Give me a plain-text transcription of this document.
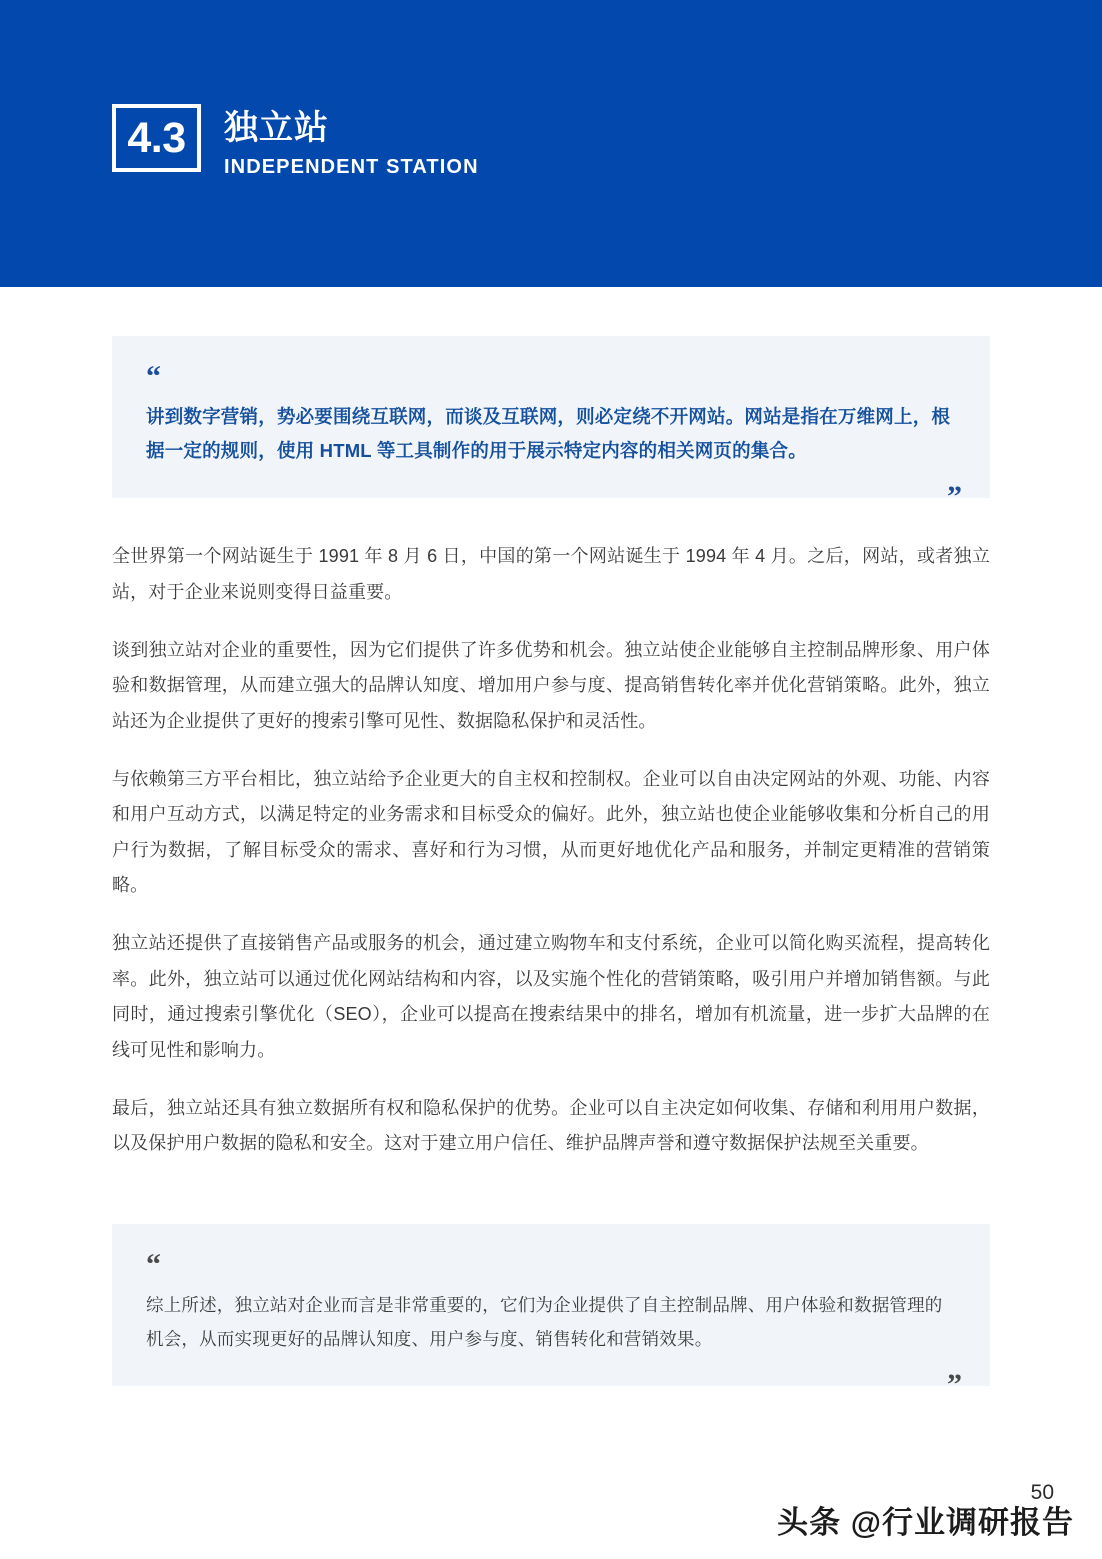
4.3 独立站
INDEPENDENT STATION
“
讲到数字营销，势必要围绕互联网，而谈及互联网，则必定绕不开网站。网站是指在万维网上，根据一定的规则，使用 HTML 等工具制作的用于展示特定内容的相关网页的集合。
”

全世界第一个网站诞生于 1991 年 8 月 6 日，中国的第一个网站诞生于 1994 年 4 月。之后，网站，或者独立站，对于企业来说则变得日益重要。

谈到独立站对企业的重要性，因为它们提供了许多优势和机会。独立站使企业能够自主控制品牌形象、用户体验和数据管理，从而建立强大的品牌认知度、增加用户参与度、提高销售转化率并优化营销策略。此外，独立站还为企业提供了更好的搜索引擎可见性、数据隐私保护和灵活性。

与依赖第三方平台相比，独立站给予企业更大的自主权和控制权。企业可以自由决定网站的外观、功能、内容和用户互动方式，以满足特定的业务需求和目标受众的偏好。此外，独立站也使企业能够收集和分析自己的用户行为数据，了解目标受众的需求、喜好和行为习惯，从而更好地优化产品和服务，并制定更精准的营销策略。

独立站还提供了直接销售产品或服务的机会，通过建立购物车和支付系统，企业可以简化购买流程，提高转化率。此外，独立站可以通过优化网站结构和内容，以及实施个性化的营销策略，吸引用户并增加销售额。与此同时，通过搜索引擎优化（SEO），企业可以提高在搜索结果中的排名，增加有机流量，进一步扩大品牌的在线可见性和影响力。

最后，独立站还具有独立数据所有权和隐私保护的优势。企业可以自主决定如何收集、存储和利用用户数据，以及保护用户数据的隐私和安全。这对于建立用户信任、维护品牌声誉和遵守数据保护法规至关重要。

“
综上所述，独立站对企业而言是非常重要的，它们为企业提供了自主控制品牌、用户体验和数据管理的机会，从而实现更好的品牌认知度、用户参与度、销售转化和营销效果。
”
50
头条 @行业调研报告
